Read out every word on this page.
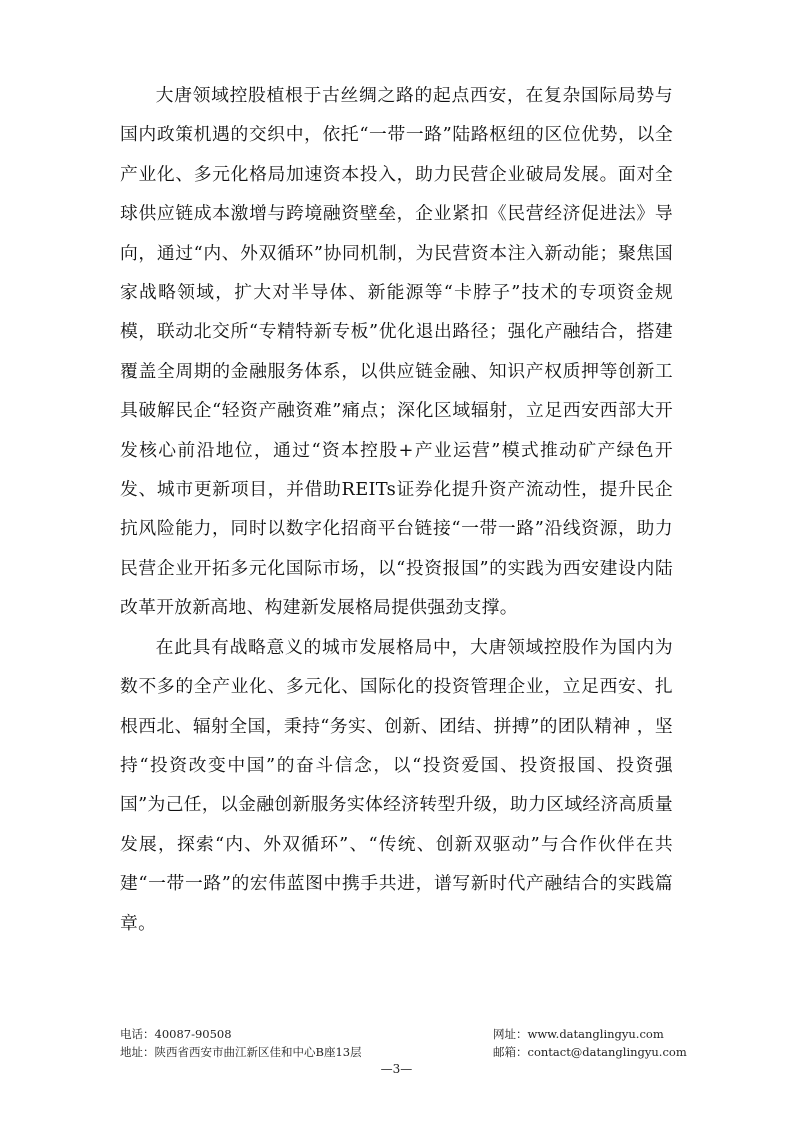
大唐领域控股植根于古丝绸之路的起点西安，在复杂国际局势与国内政策机遇的交织中，依托“一带一路”陆路枢纽的区位优势，以全产业化、多元化格局加速资本投入，助力民营企业破局发展。面对全球供应链成本激增与跨境融资壁垒，企业紧扣《民营经济促进法》导向，通过“内、外双循环”协同机制，为民营资本注入新动能；聚焦国家战略领域，扩大对半导体、新能源等“卡脖子”技术的专项资金规模，联动北交所“专精特新专板”优化退出路径；强化产融结合，搭建覆盖全周期的金融服务体系，以供应链金融、知识产权质押等创新工具破解民企“轻资产融资难”痛点；深化区域辐射，立足西安西部大开发核心前沿地位，通过“资本控股+产业运营”模式推动矿产绿色开发、城市更新项目，并借助REITs证券化提升资产流动性，提升民企抗风险能力，同时以数字化招商平台链接“一带一路”沿线资源，助力民营企业开拓多元化国际市场，以“投资报国”的实践为西安建设内陆改革开放新高地、构建新发展格局提供强劲支撑。

在此具有战略意义的城市发展格局中，大唐领域控股作为国内为数不多的全产业化、多元化、国际化的投资管理企业，立足西安、扎根西北、辐射全国，秉持“务实、创新、团结、拼搏”的团队精神 ，坚持“投资改变中国”的奋斗信念，以“投资爱国、投资报国、投资强国”为己任，以金融创新服务实体经济转型升级，助力区域经济高质量发展，探索“内、外双循环”、“传统、创新双驱动”与合作伙伴在共建“一带一路”的宏伟蓝图中携手共进，谱写新时代产融结合的实践篇章。

电话：40087-90508	网址：www.datanglingyu.com
地址：陕西省西安市曲江新区佳和中心B座13层	邮箱：contact@datanglingyu.com
—3—
